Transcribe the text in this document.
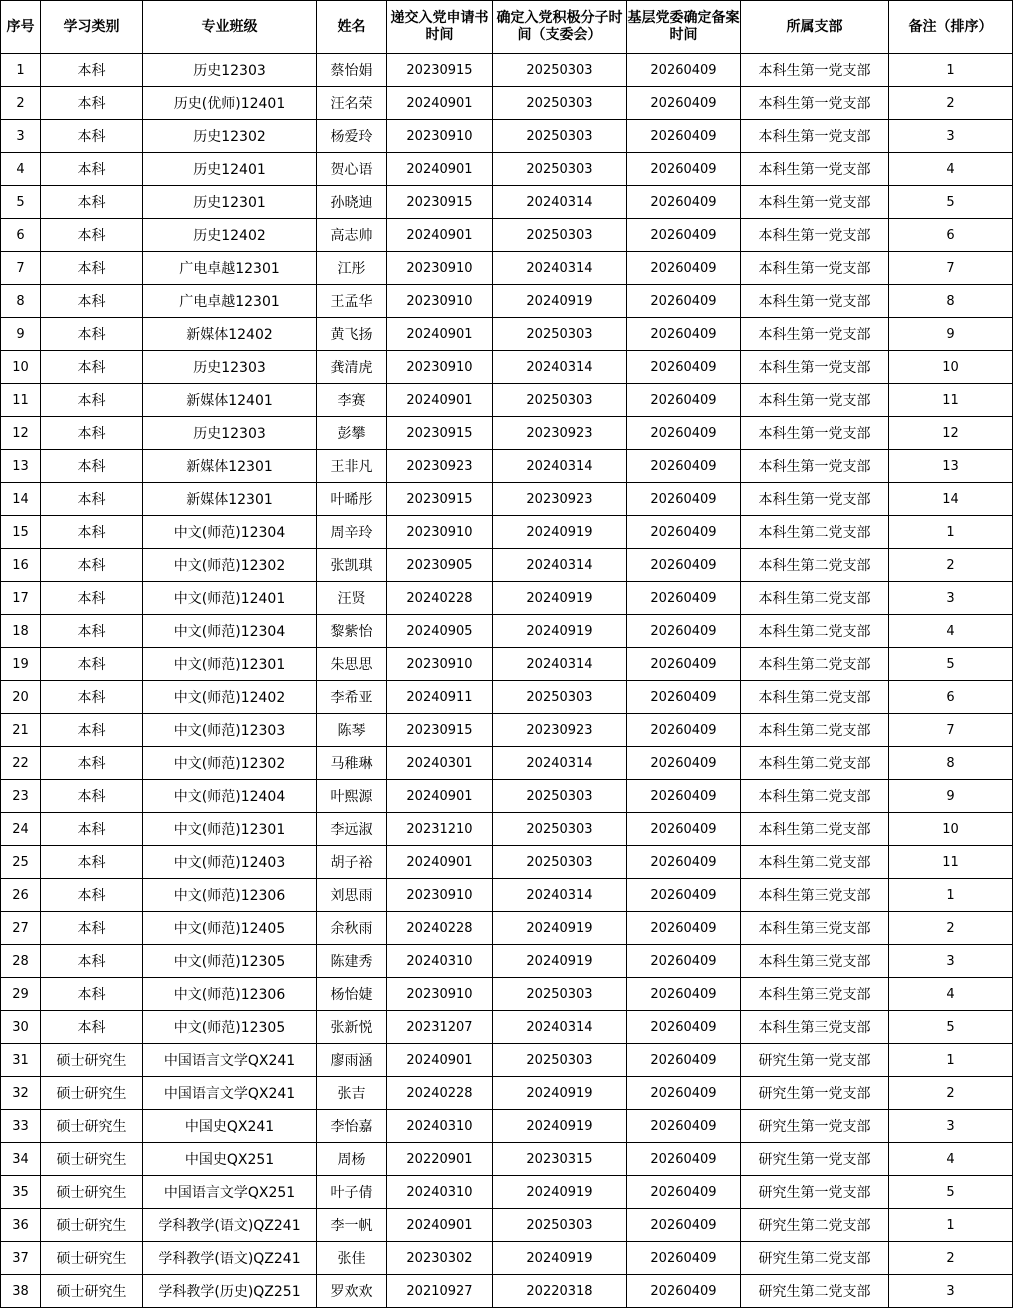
序号	学习类别	专业班级	姓名	递交入党申请书时间	确定入党积极分子时间（支委会）	基层党委确定备案时间	所属支部	备注（排序）
1	本科	历史12303	蔡怡娟	20230915	20250303	20260409	本科生第一党支部	1
2	本科	历史(优师)12401	汪名荣	20240901	20250303	20260409	本科生第一党支部	2
3	本科	历史12302	杨爱玲	20230910	20250303	20260409	本科生第一党支部	3
4	本科	历史12401	贺心语	20240901	20250303	20260409	本科生第一党支部	4
5	本科	历史12301	孙晓迪	20230915	20240314	20260409	本科生第一党支部	5
6	本科	历史12402	高志帅	20240901	20250303	20260409	本科生第一党支部	6
7	本科	广电卓越12301	江彤	20230910	20240314	20260409	本科生第一党支部	7
8	本科	广电卓越12301	王孟华	20230910	20240919	20260409	本科生第一党支部	8
9	本科	新媒体12402	黄飞扬	20240901	20250303	20260409	本科生第一党支部	9
10	本科	历史12303	龚清虎	20230910	20240314	20260409	本科生第一党支部	10
11	本科	新媒体12401	李赛	20240901	20250303	20260409	本科生第一党支部	11
12	本科	历史12303	彭攀	20230915	20230923	20260409	本科生第一党支部	12
13	本科	新媒体12301	王非凡	20230923	20240314	20260409	本科生第一党支部	13
14	本科	新媒体12301	叶晞彤	20230915	20230923	20260409	本科生第一党支部	14
15	本科	中文(师范)12304	周辛玲	20230910	20240919	20260409	本科生第二党支部	1
16	本科	中文(师范)12302	张凯琪	20230905	20240314	20260409	本科生第二党支部	2
17	本科	中文(师范)12401	汪贤	20240228	20240919	20260409	本科生第二党支部	3
18	本科	中文(师范)12304	黎紫怡	20240905	20240919	20260409	本科生第二党支部	4
19	本科	中文(师范)12301	朱思思	20230910	20240314	20260409	本科生第二党支部	5
20	本科	中文(师范)12402	李希亚	20240911	20250303	20260409	本科生第二党支部	6
21	本科	中文(师范)12303	陈琴	20230915	20230923	20260409	本科生第二党支部	7
22	本科	中文(师范)12302	马稚琳	20240301	20240314	20260409	本科生第二党支部	8
23	本科	中文(师范)12404	叶熙源	20240901	20250303	20260409	本科生第二党支部	9
24	本科	中文(师范)12301	李远淑	20231210	20250303	20260409	本科生第二党支部	10
25	本科	中文(师范)12403	胡子裕	20240901	20250303	20260409	本科生第二党支部	11
26	本科	中文(师范)12306	刘思雨	20230910	20240314	20260409	本科生第三党支部	1
27	本科	中文(师范)12405	余秋雨	20240228	20240919	20260409	本科生第三党支部	2
28	本科	中文(师范)12305	陈建秀	20240310	20240919	20260409	本科生第三党支部	3
29	本科	中文(师范)12306	杨怡婕	20230910	20250303	20260409	本科生第三党支部	4
30	本科	中文(师范)12305	张新悦	20231207	20240314	20260409	本科生第三党支部	5
31	硕士研究生	中国语言文学QX241	廖雨涵	20240901	20250303	20260409	研究生第一党支部	1
32	硕士研究生	中国语言文学QX241	张吉	20240228	20240919	20260409	研究生第一党支部	2
33	硕士研究生	中国史QX241	李怡嘉	20240310	20240919	20260409	研究生第一党支部	3
34	硕士研究生	中国史QX251	周杨	20220901	20230315	20260409	研究生第一党支部	4
35	硕士研究生	中国语言文学QX251	叶子倩	20240310	20240919	20260409	研究生第一党支部	5
36	硕士研究生	学科教学(语文)QZ241	李一帆	20240901	20250303	20260409	研究生第二党支部	1
37	硕士研究生	学科教学(语文)QZ241	张佳	20230302	20240919	20260409	研究生第二党支部	2
38	硕士研究生	学科教学(历史)QZ251	罗欢欢	20210927	20220318	20260409	研究生第二党支部	3
